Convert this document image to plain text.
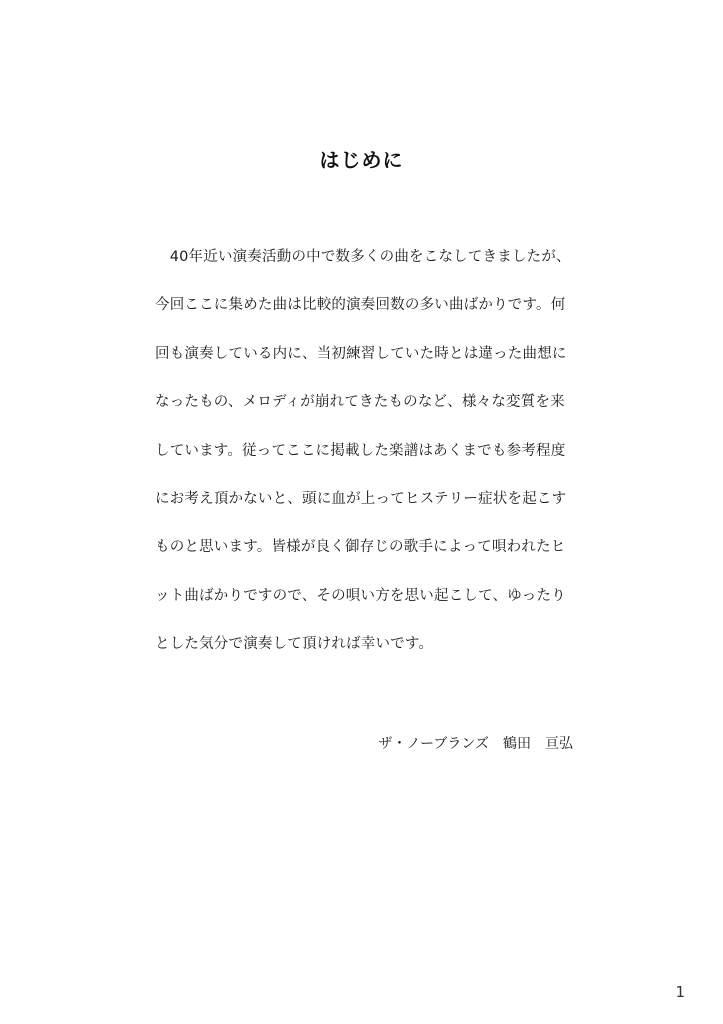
はじめに
　40年近い演奏活動の中で数多くの曲をこなしてきましたが、
今回ここに集めた曲は比較的演奏回数の多い曲ばかりです。何
回も演奏している内に、当初練習していた時とは違った曲想に
なったもの、メロディが崩れてきたものなど、様々な変質を来
しています。従ってここに掲載した楽譜はあくまでも参考程度
にお考え頂かないと、頭に血が上ってヒステリー症状を起こす
ものと思います。皆様が良く御存じの歌手によって唄われたヒ
ット曲ばかりですので、その唄い方を思い起こして、ゆったり
とした気分で演奏して頂ければ幸いです。
ザ・ノーブランズ　鶴田　亘弘
1
